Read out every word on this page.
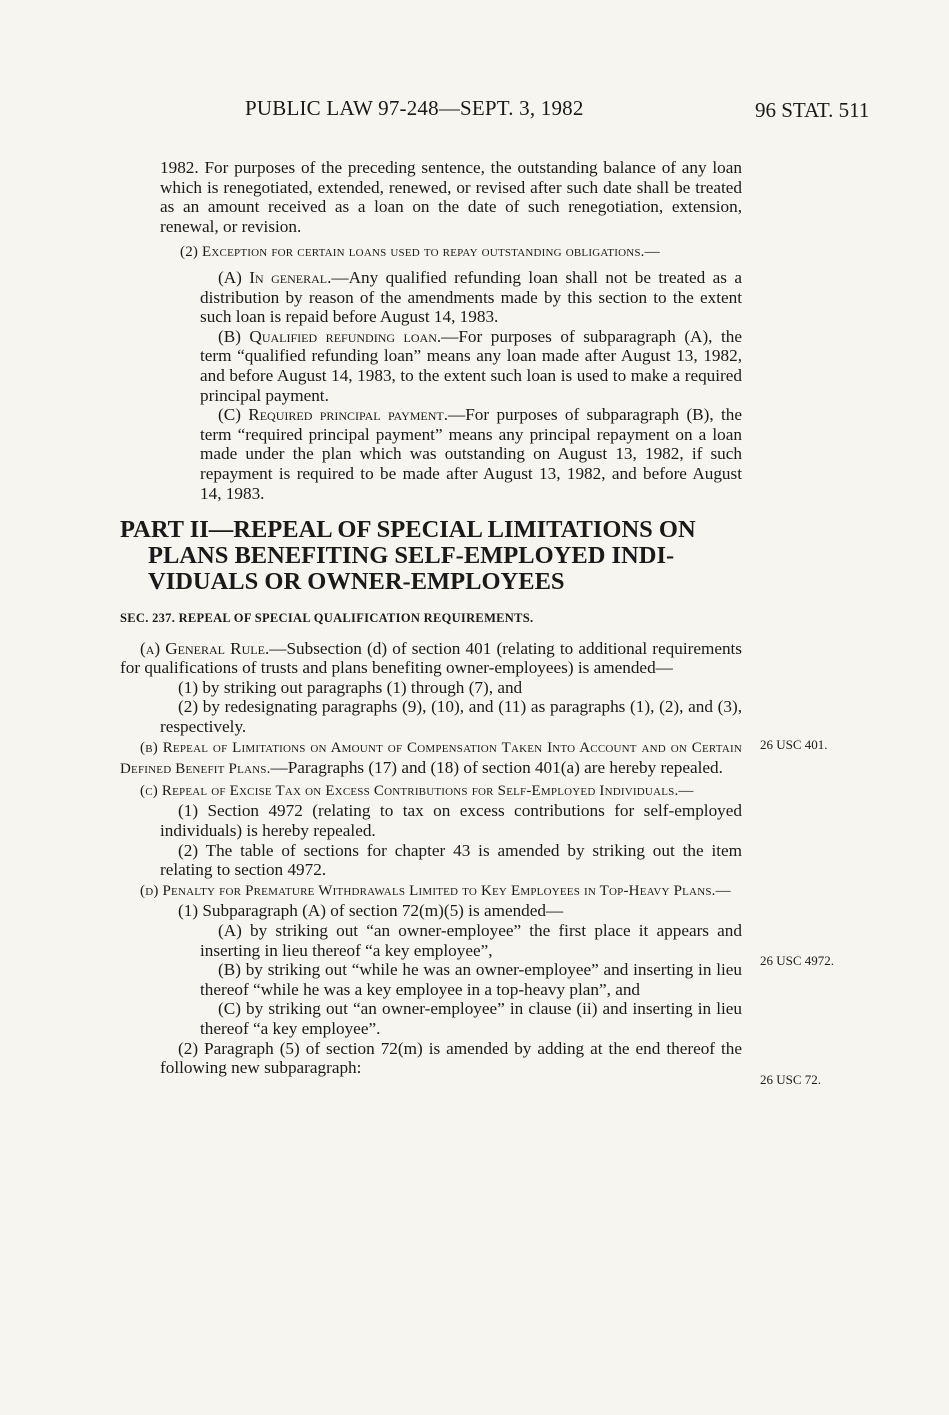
PUBLIC LAW 97-248—SEPT. 3, 1982	96 STAT. 511
26 USC 401.
26 USC 4972.
26 USC 72.

1982. For purposes of the preceding sentence, the outstanding balance of any loan which is renegotiated, extended, renewed, or revised after such date shall be treated as an amount received as a loan on the date of such renegotiation, extension, renewal, or revision.

(2) Exception for certain loans used to repay outstanding obligations.—

(A) In general.—Any qualified refunding loan shall not be treated as a distribution by reason of the amendments made by this section to the extent such loan is repaid before August 14, 1983.

(B) Qualified refunding loan.—For purposes of subparagraph (A), the term “qualified refunding loan” means any loan made after August 13, 1982, and before August 14, 1983, to the extent such loan is used to make a required principal payment.

(C) Required principal payment.—For purposes of subparagraph (B), the term “required principal payment” means any principal repayment on a loan made under the plan which was outstanding on August 13, 1982, if such repayment is required to be made after August 13, 1982, and before August 14, 1983.

PART II—REPEAL OF SPECIAL LIMITATIONS ON
PLANS BENEFITING SELF-EMPLOYED INDI-
VIDUALS OR OWNER-EMPLOYEES

SEC. 237. REPEAL OF SPECIAL QUALIFICATION REQUIREMENTS.

(a) General Rule.—Subsection (d) of section 401 (relating to additional requirements for qualifications of trusts and plans benefiting owner-employees) is amended—

(1) by striking out paragraphs (1) through (7), and

(2) by redesignating paragraphs (9), (10), and (11) as paragraphs (1), (2), and (3), respectively.

(b) Repeal of Limitations on Amount of Compensation Taken Into Account and on Certain Defined Benefit Plans.—Paragraphs (17) and (18) of section 401(a) are hereby repealed.

(c) Repeal of Excise Tax on Excess Contributions for Self-Employed Individuals.—

(1) Section 4972 (relating to tax on excess contributions for self-employed individuals) is hereby repealed.

(2) The table of sections for chapter 43 is amended by striking out the item relating to section 4972.

(d) Penalty for Premature Withdrawals Limited to Key Employees in Top-Heavy Plans.—

(1) Subparagraph (A) of section 72(m)(5) is amended—

(A) by striking out “an owner-employee” the first place it appears and inserting in lieu thereof “a key employee”,

(B) by striking out “while he was an owner-employee” and inserting in lieu thereof “while he was a key employee in a top-heavy plan”, and

(C) by striking out “an owner-employee” in clause (ii) and inserting in lieu thereof “a key employee”.

(2) Paragraph (5) of section 72(m) is amended by adding at the end thereof the following new subparagraph:
